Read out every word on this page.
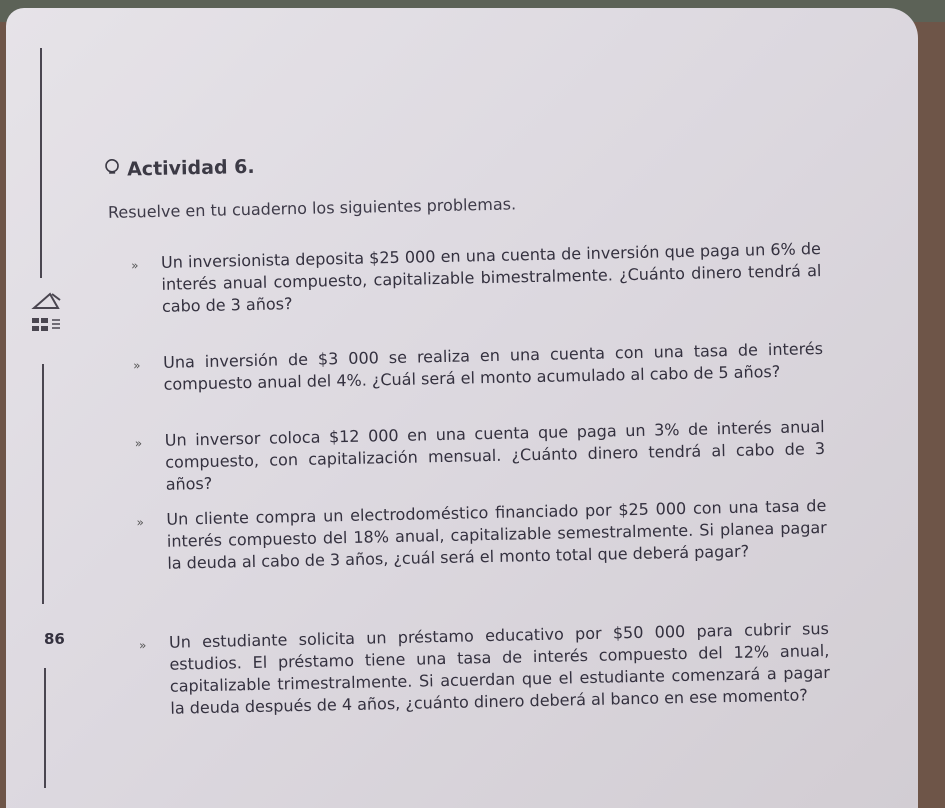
86
Actividad 6.
Resuelve en tu cuaderno los siguientes problemas.
» Un inversionista deposita $25 000 en una cuenta de inversión que paga un 6% de interés anual compuesto, capitalizable bimestralmente. ¿Cuánto dinero tendrá al cabo de 3 años?
» Una inversión de $3 000 se realiza en una cuenta con una tasa de interés compuesto anual del 4%. ¿Cuál será el monto acumulado al cabo de 5 años?
» Un inversor coloca $12 000 en una cuenta que paga un 3% de interés anual compuesto, con capitalización mensual. ¿Cuánto dinero tendrá al cabo de 3 años?
» Un cliente compra un electrodoméstico financiado por $25 000 con una tasa de interés compuesto del 18% anual, capitalizable semestralmente. Si planea pagar la deuda al cabo de 3 años, ¿cuál será el monto total que deberá pagar?
» Un estudiante solicita un préstamo educativo por $50 000 para cubrir sus estudios. El préstamo tiene una tasa de interés compuesto del 12% anual, capitalizable trimestralmente. Si acuerdan que el estudiante comenzará a pagar la deuda después de 4 años, ¿cuánto dinero deberá al banco en ese momento?
